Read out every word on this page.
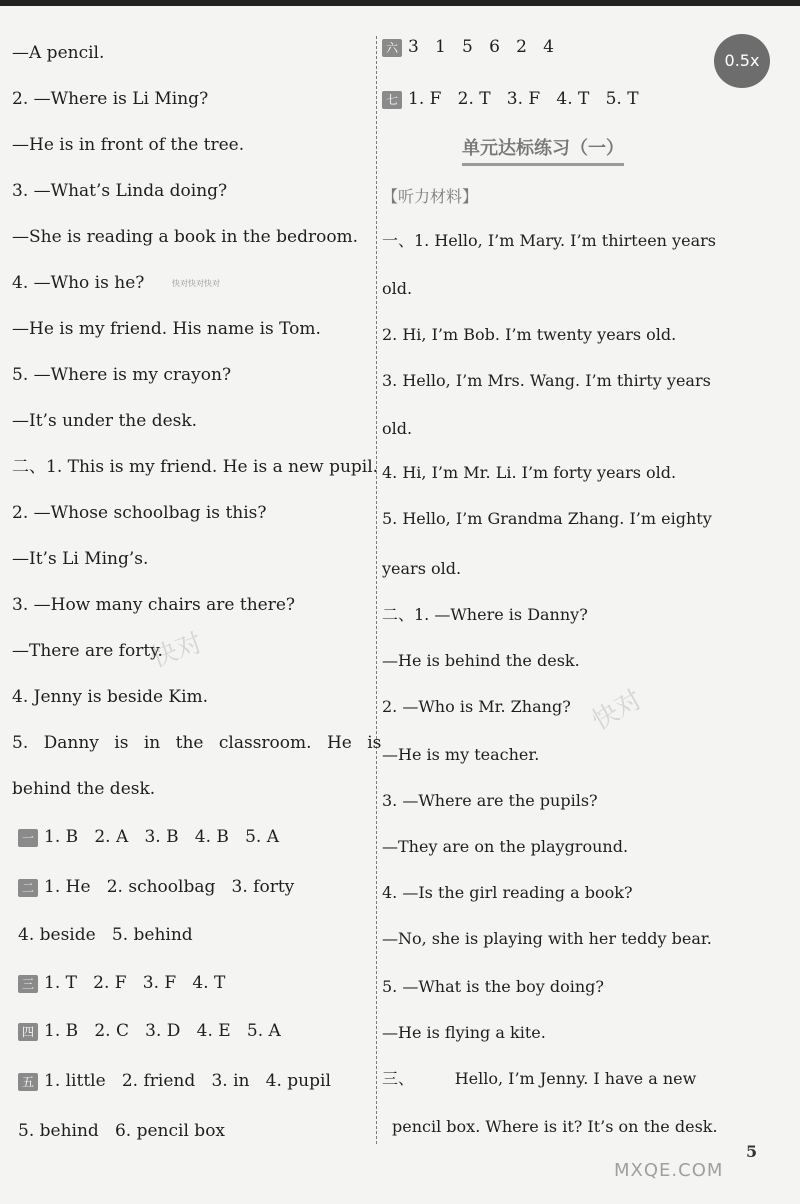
—A pencil.
2. —Where is Li Ming?
—He is in front of the tree.
3. —What’s Linda doing?
—She is reading a book in the bedroom.
4. —Who is he?
—He is my friend. His name is Tom.
5. —Where is my crayon?
—It’s under the desk.
二、1. This is my friend. He is a new pupil.
2. —Whose schoolbag is this?
—It’s Li Ming’s.
3. —How many chairs are there?
—There are forty.
4. Jenny is beside Kim.
5. Danny is in the classroom. He is
behind the desk.
一 1. B   2. A   3. B   4. B   5. A
二 1. He   2. schoolbag   3. forty
4. beside   5. behind
三 1. T   2. F   3. F   4. T
四 1. B   2. C   3. D   4. E   5. A
五 1. little   2. friend   3. in   4. pupil
5. behind   6. pencil box
六 3   1   5   6   2   4
七 1. F   2. T   3. F   4. T   5. T
单元达标练习（一）
【听力材料】
一、1. Hello, I’m Mary. I’m thirteen years
old.
2. Hi, I’m Bob. I’m twenty years old.
3. Hello, I’m Mrs. Wang. I’m thirty years
old.
4. Hi, I’m Mr. Li. I’m forty years old.
5. Hello, I’m Grandma Zhang. I’m eighty
years old.
二、1. —Where is Danny?
—He is behind the desk.
2. —Who is Mr. Zhang?
—He is my teacher.
3. —Where are the pupils?
—They are on the playground.
4. —Is the girl reading a book?
—No, she is playing with her teddy bear.
5. —What is the boy doing?
—He is flying a kite.
三、        Hello, I’m Jenny. I have a new
pencil box. Where is it? It’s on the desk.
快对快对快对
快对
快对
MXQE.COM
0.5x
5
